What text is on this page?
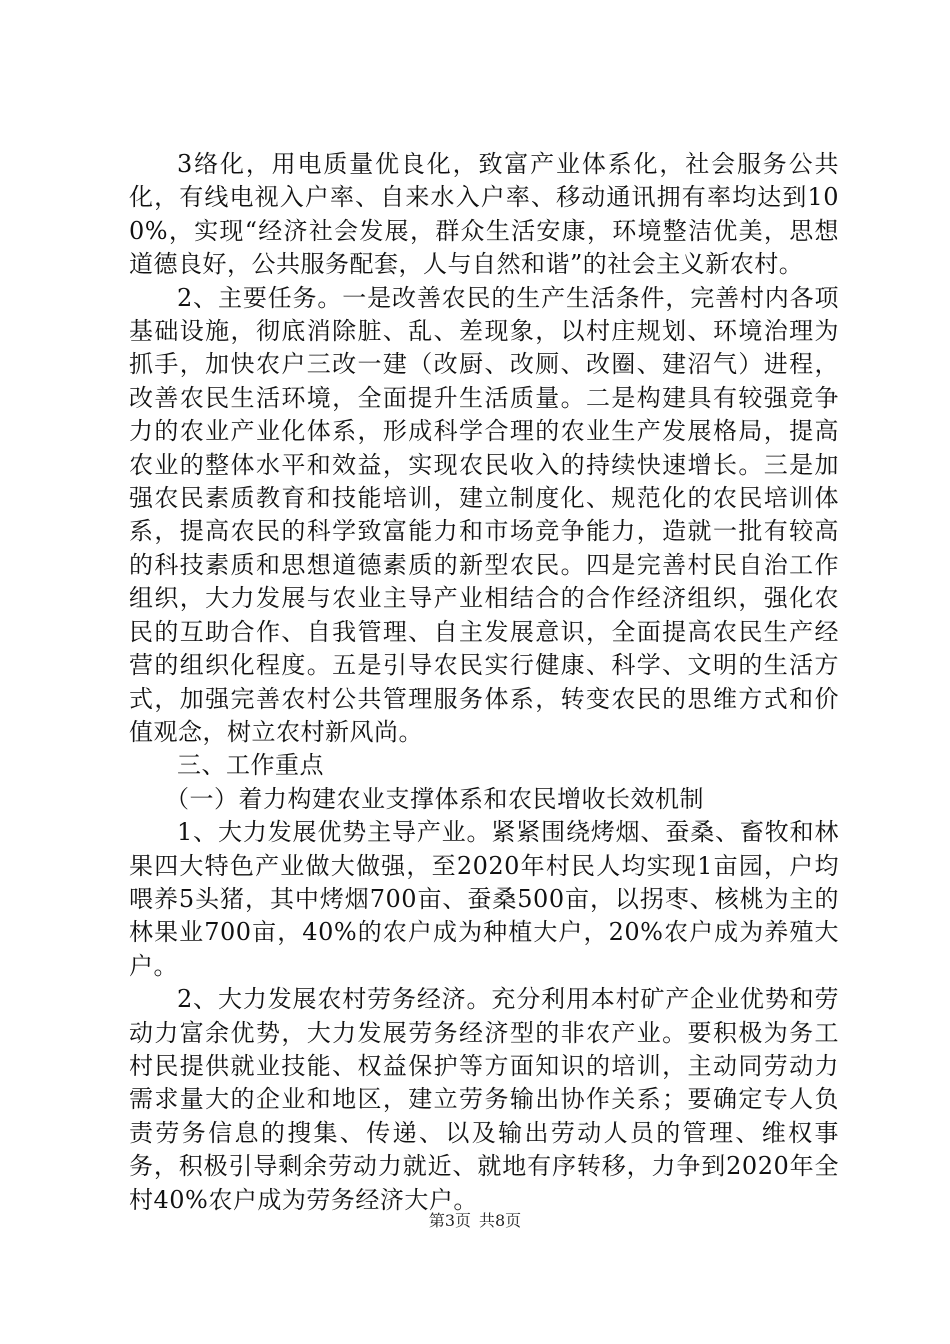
3络化，用电质量优良化，致富产业体系化，社会服务公共化，有线电视入户率、自来水入户率、移动通讯拥有率均达到100%，实现“经济社会发展，群众生活安康，环境整洁优美，思想道德良好，公共服务配套，人与自然和谐”的社会主义新农村。

2、主要任务。一是改善农民的生产生活条件，完善村内各项基础设施，彻底消除脏、乱、差现象，以村庄规划、环境治理为抓手，加快农户三改一建（改厨、改厕、改圈、建沼气）进程，改善农民生活环境，全面提升生活质量。二是构建具有较强竞争力的农业产业化体系，形成科学合理的农业生产发展格局，提高农业的整体水平和效益，实现农民收入的持续快速增长。三是加强农民素质教育和技能培训，建立制度化、规范化的农民培训体系，提高农民的科学致富能力和市场竞争能力，造就一批有较高的科技素质和思想道德素质的新型农民。四是完善村民自治工作组织，大力发展与农业主导产业相结合的合作经济组织，强化农民的互助合作、自我管理、自主发展意识，全面提高农民生产经营的组织化程度。五是引导农民实行健康、科学、文明的生活方式，加强完善农村公共管理服务体系，转变农民的思维方式和价值观念，树立农村新风尚。

三、工作重点

（一）着力构建农业支撑体系和农民增收长效机制

1、大力发展优势主导产业。紧紧围绕烤烟、蚕桑、畜牧和林果四大特色产业做大做强，至2020年村民人均实现1亩园，户均喂养5头猪，其中烤烟700亩、蚕桑500亩，以拐枣、核桃为主的林果业700亩，40%的农户成为种植大户，20%农户成为养殖大户。

2、大力发展农村劳务经济。充分利用本村矿产企业优势和劳动力富余优势，大力发展劳务经济型的非农产业。要积极为务工村民提供就业技能、权益保护等方面知识的培训，主动同劳动力需求量大的企业和地区，建立劳务输出协作关系；要确定专人负责劳务信息的搜集、传递、以及输出劳动人员的管理、维权事务，积极引导剩余劳动力就近、就地有序转移，力争到2020年全村40%农户成为劳务经济大户。

第3页 共8页
